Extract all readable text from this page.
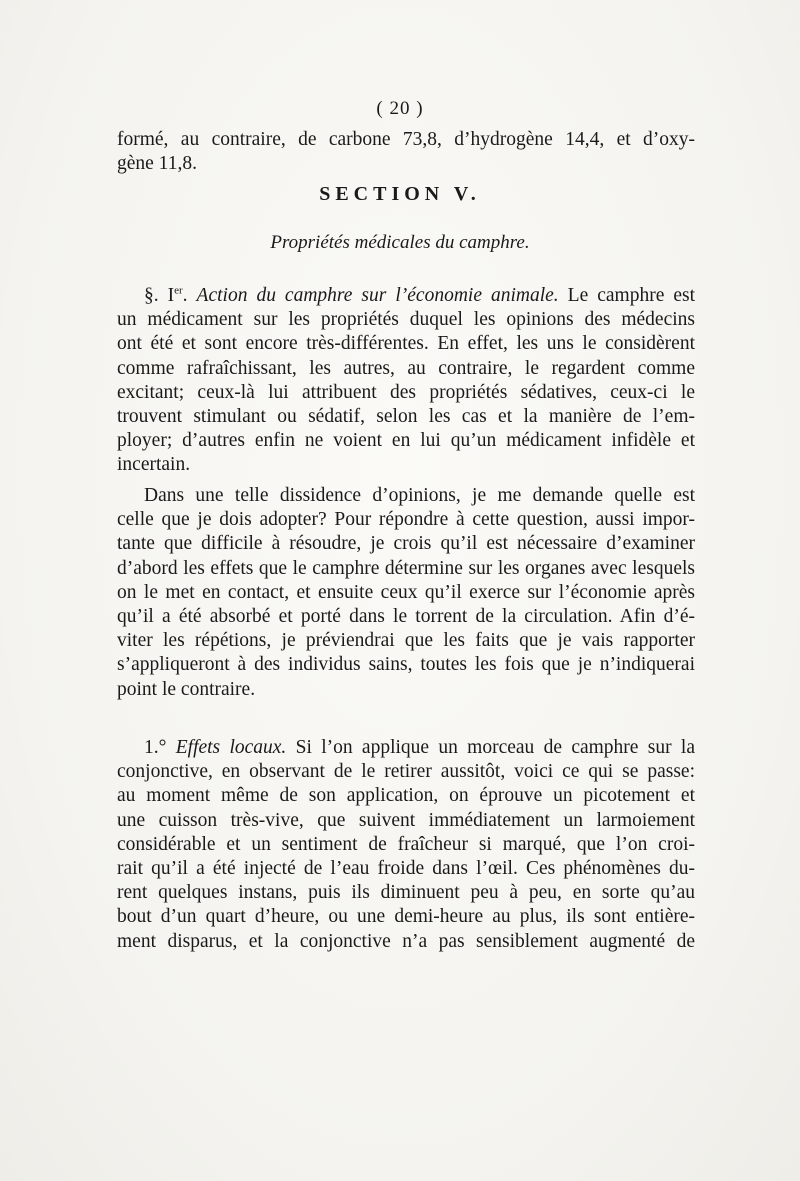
( 20 )
formé, au contraire, de carbone 73,8, d’hydrogène 14,4, et d’oxy-
gène 11,8.
SECTION V.
Propriétés médicales du camphre.
§. Ier. Action du camphre sur l’économie animale. Le camphre est
un médicament sur les propriétés duquel les opinions des médecins
ont été et sont encore très-différentes. En effet, les uns le considèrent
comme rafraîchissant, les autres, au contraire, le regardent comme
excitant; ceux-là lui attribuent des propriétés sédatives, ceux-ci le
trouvent stimulant ou sédatif, selon les cas et la manière de l’em-
ployer; d’autres enfin ne voient en lui qu’un médicament infidèle et
incertain.
Dans une telle dissidence d’opinions, je me demande quelle est
celle que je dois adopter? Pour répondre à cette question, aussi impor-
tante que difficile à résoudre, je crois qu’il est nécessaire d’examiner
d’abord les effets que le camphre détermine sur les organes avec lesquels
on le met en contact, et ensuite ceux qu’il exerce sur l’économie après
qu’il a été absorbé et porté dans le torrent de la circulation. Afin d’é-
viter les répétions, je préviendrai que les faits que je vais rapporter
s’appliqueront à des individus sains, toutes les fois que je n’indiquerai
point le contraire.
1.° Effets locaux. Si l’on applique un morceau de camphre sur la
conjonctive, en observant de le retirer aussitôt, voici ce qui se passe:
au moment même de son application, on éprouve un picotement et
une cuisson très-vive, que suivent immédiatement un larmoiement
considérable et un sentiment de fraîcheur si marqué, que l’on croi-
rait qu’il a été injecté de l’eau froide dans l’œil. Ces phénomènes du-
rent quelques instans, puis ils diminuent peu à peu, en sorte qu’au
bout d’un quart d’heure, ou une demi-heure au plus, ils sont entière-
ment disparus, et la conjonctive n’a pas sensiblement augmenté de
